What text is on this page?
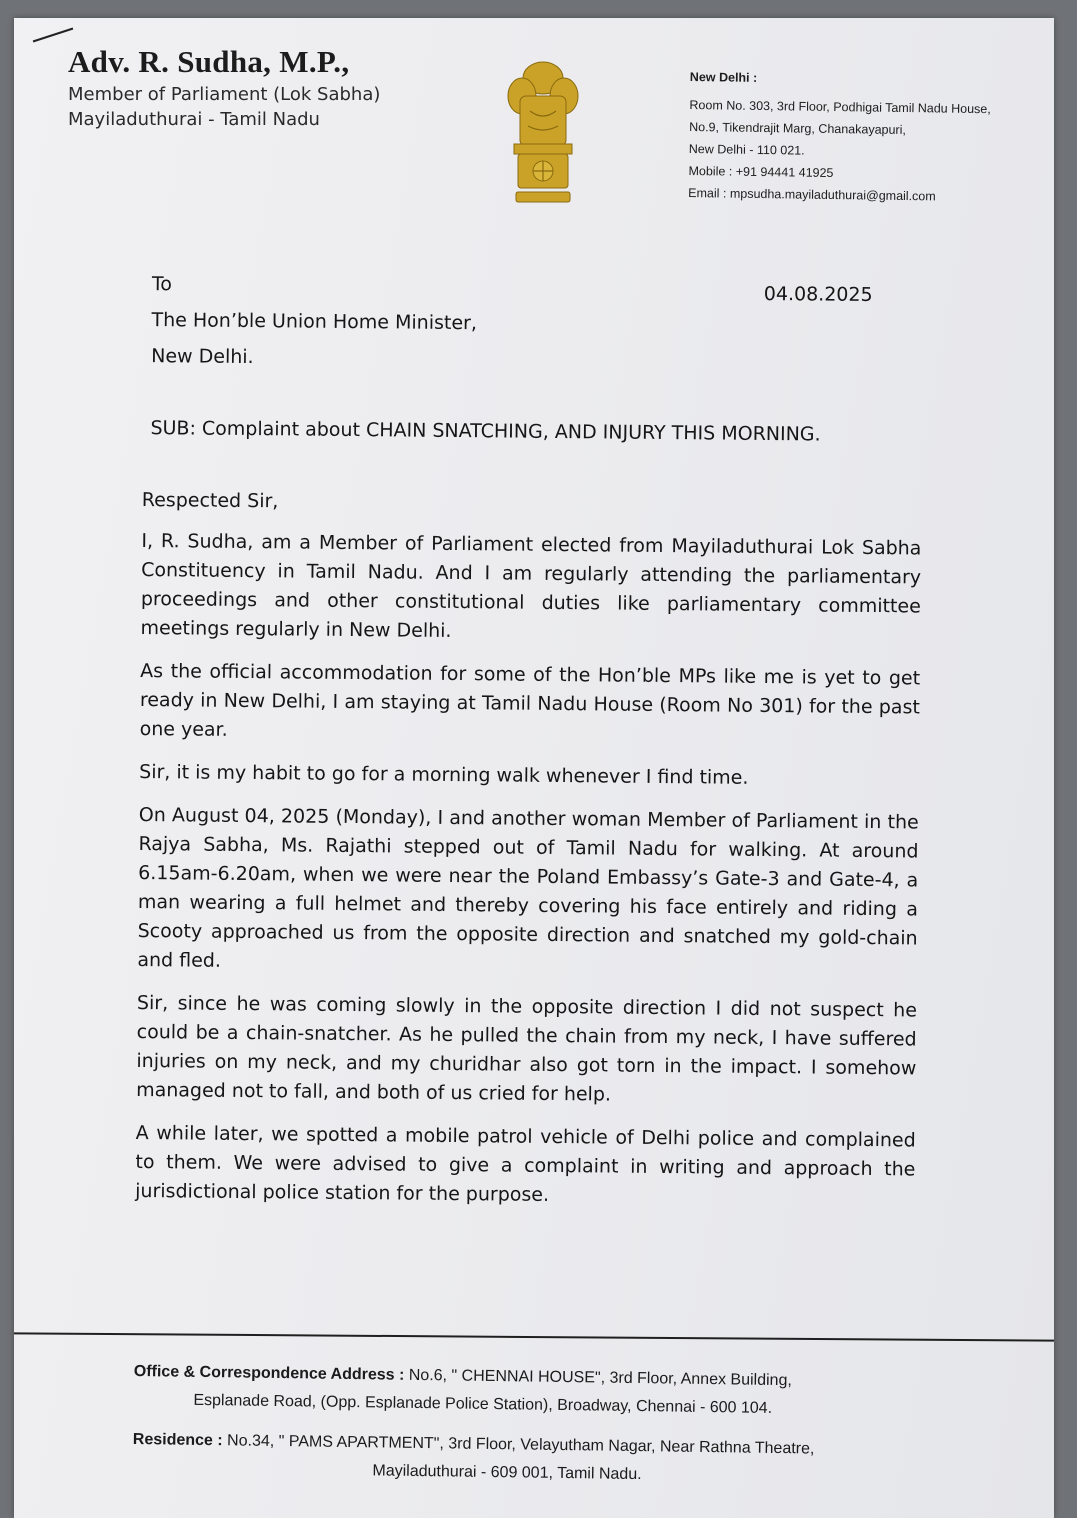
Adv. R. Sudha, M.P.,
Member of Parliament (Lok Sabha)
Mayiladuthurai - Tamil Nadu
New Delhi :
Room No. 303, 3rd Floor, Podhigai Tamil Nadu House,
No.9, Tikendrajit Marg, Chanakayapuri,
New Delhi - 110 021.
Mobile : +91 94441 41925
Email : mpsudha.mayiladuthurai@gmail.com
04.08.2025
To
The Hon’ble Union Home Minister,
New Delhi.
SUB: Complaint about CHAIN SNATCHING, AND INJURY THIS MORNING.
Respected Sir,
I, R. Sudha, am a Member of Parliament elected from Mayiladuthurai Lok Sabha Constituency in Tamil Nadu. And I am regularly attending the parliamentary proceedings and other constitutional duties like parliamentary committee meetings regularly in New Delhi.
As the official accommodation for some of the Hon’ble MPs like me is yet to get ready in New Delhi, I am staying at Tamil Nadu House (Room No 301) for the past one year.
Sir, it is my habit to go for a morning walk whenever I find time.
On August 04, 2025 (Monday), I and another woman Member of Parliament in the Rajya Sabha, Ms. Rajathi stepped out of Tamil Nadu for walking. At around 6.15am-6.20am, when we were near the Poland Embassy’s Gate-3 and Gate-4, a man wearing a full helmet and thereby covering his face entirely and riding a Scooty approached us from the opposite direction and snatched my gold-chain and fled.
Sir, since he was coming slowly in the opposite direction I did not suspect he could be a chain-snatcher. As he pulled the chain from my neck, I have suffered injuries on my neck, and my churidhar also got torn in the impact. I somehow managed not to fall, and both of us cried for help.
A while later, we spotted a mobile patrol vehicle of Delhi police and complained to them. We were advised to give a complaint in writing and approach the jurisdictional police station for the purpose.
Office & Correspondence Address : No.6, " CHENNAI HOUSE", 3rd Floor, Annex Building,
Esplanade Road, (Opp. Esplanade Police Station), Broadway, Chennai - 600 104.
Residence : No.34, " PAMS APARTMENT", 3rd Floor, Velayutham Nagar, Near Rathna Theatre,
Mayiladuthurai - 609 001, Tamil Nadu.
